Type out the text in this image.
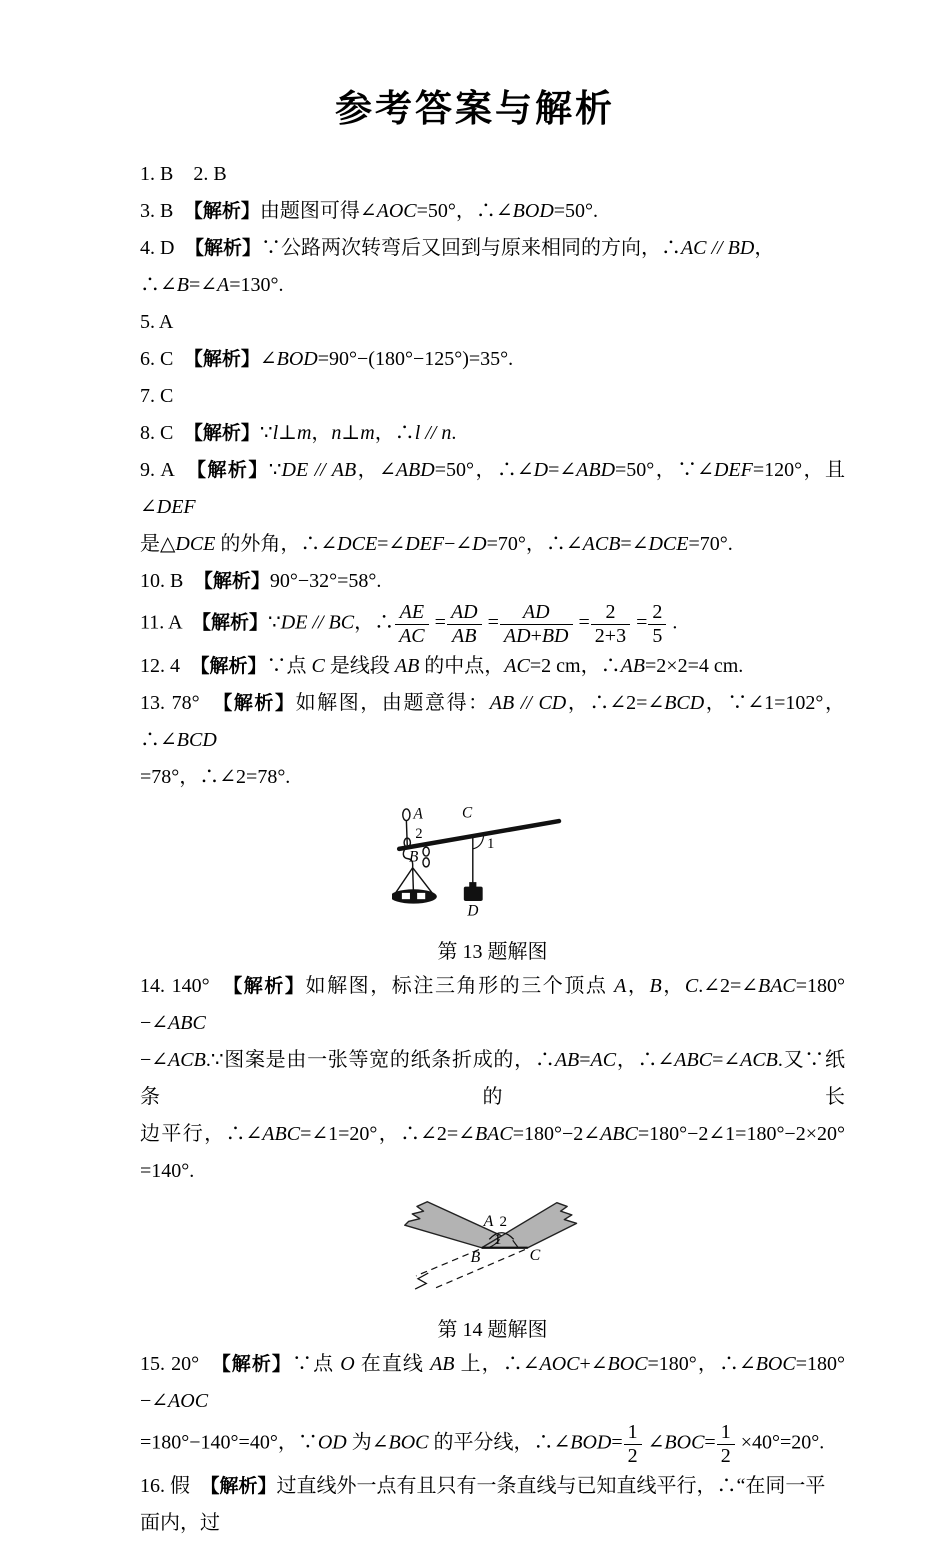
参考答案与解析

1. B　2. B

3. B　【解析】由题图可得∠AOC=50°，∴∠BOD=50°.

4. D　【解析】∵公路两次转弯后又回到与原来相同的方向，∴AC // BD，∴∠B=∠A=130°.

5. A

6. C　【解析】∠BOD=90°−(180°−125°)=35°.

7. C

8. C　【解析】∵l⊥m，n⊥m，∴l // n.

9. A　【解析】∵DE // AB，∠ABD=50°，∴∠D=∠ABD=50°，∵∠DEF=120°，且∠DEF

是△DCE 的外角，∴∠DCE=∠DEF−∠D=70°，∴∠ACB=∠DCE=70°.

10. B　【解析】90°−32°=58°.

11. A　【解析】∵DE // BC，∴ $\frac{AE}{AC} = \frac{AD}{AB} = \frac{AD}{AD+BD} = \frac{2}{2+3} = \frac{2}{5}$ .

12. 4　【解析】∵点 C 是线段 AB 的中点，AC=2 cm，∴AB=2×2=4 cm.

13. 78°　【解析】如解图，由题意得：AB // CD，∴∠2=∠BCD，∵∠1=102°，∴∠BCD

=78°，∴∠2=78°.

A
2
B
C
1
D
第 13 题解图

14. 140°　【解析】如解图，标注三角形的三个顶点 A，B，C.∠2=∠BAC=180°−∠ABC

−∠ACB.∵图案是由一张等宽的纸条折成的，∴AB=AC，∴∠ABC=∠ACB.又∵纸条的长

边平行，∴∠ABC=∠1=20°，∴∠2=∠BAC=180°−2∠ABC=180°−2∠1=180°−2×20°

=140°.

A 2
B
1
C
第 14 题解图

15. 20°　【解析】∵点 O 在直线 AB 上，∴∠AOC+∠BOC=180°，∴∠BOC=180°−∠AOC

=180°−140°=40°，∵OD 为∠BOC 的平分线，∴∠BOD= $\frac{1}{2}$ ∠BOC= $\frac{1}{2} \times 40^\circ=20^\circ$.

16. 假　【解析】过直线外一点有且只有一条直线与已知直线平行，∴“在同一平面内，过
